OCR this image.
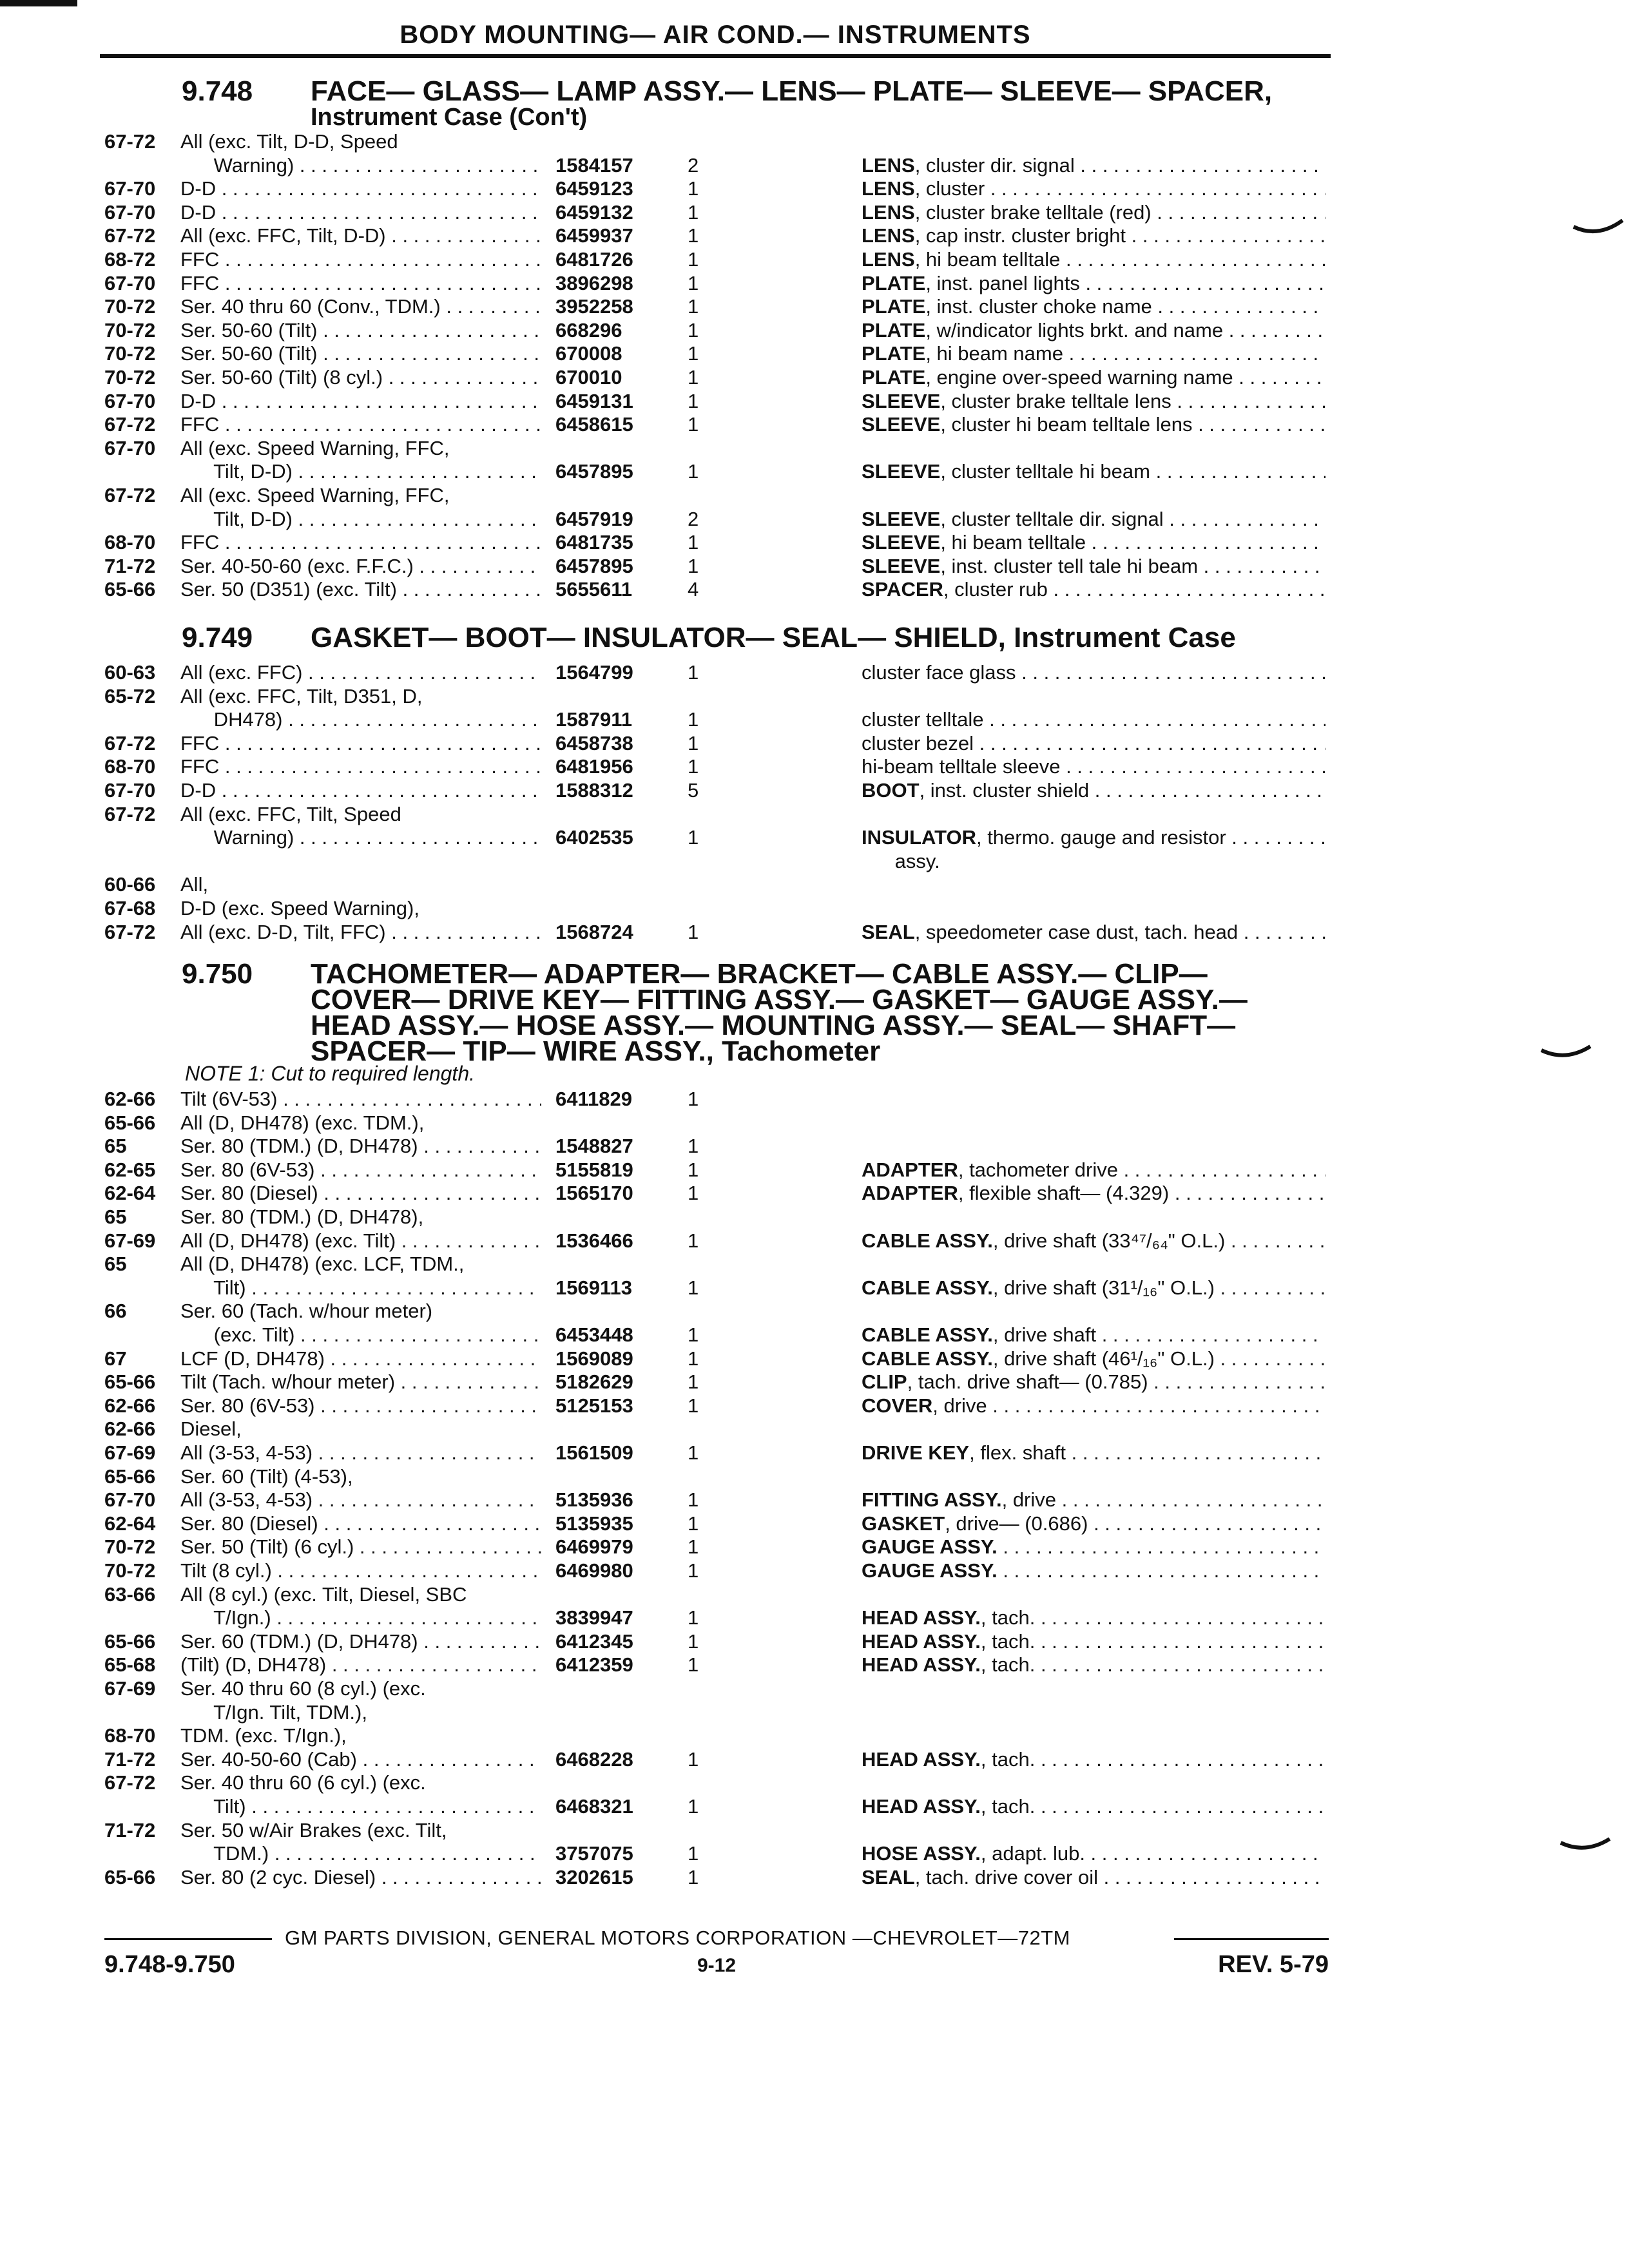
BODY MOUNTING— AIR COND.— INSTRUMENTS
9.748 FACE— GLASS— LAMP ASSY.— LENS— PLATE— SLEEVE— SPACER,
Instrument Case (Con't)
67-72	All (exc. Tilt, D-D, Speed
Warning) . . .	1584157	2	LENS, cluster dir. signal . . .
67-70	D-D . . .	6459123	1	LENS, cluster . . .
67-70	D-D . . .	6459132	1	LENS, cluster brake telltale (red) . . .
67-72	All (exc. FFC, Tilt, D-D) . . .	6459937	1	LENS, cap instr. cluster bright . . .
68-72	FFC . . .	6481726	1	LENS, hi beam telltale . . .
67-70	FFC . . .	3896298	1	PLATE, inst. panel lights . . .
70-72	Ser. 40 thru 60 (Conv., TDM.) . . .	3952258	1	PLATE, inst. cluster choke name . . .
70-72	Ser. 50-60 (Tilt) . . .	668296	1	PLATE, w/indicator lights brkt. and name . . .
70-72	Ser. 50-60 (Tilt) . . .	670008	1	PLATE, hi beam name . . .
70-72	Ser. 50-60 (Tilt) (8 cyl.) . . .	670010	1	PLATE, engine over-speed warning name . . .
67-70	D-D . . .	6459131	1	SLEEVE, cluster brake telltale lens . . .
67-72	FFC . . .	6458615	1	SLEEVE, cluster hi beam telltale lens . . .
67-70	All (exc. Speed Warning, FFC,
Tilt, D-D) . . .	6457895	1	SLEEVE, cluster telltale hi beam . . .
67-72	All (exc. Speed Warning, FFC,
Tilt, D-D) . . .	6457919	2	SLEEVE, cluster telltale dir. signal . . .
68-70	FFC . . .	6481735	1	SLEEVE, hi beam telltale . . .
71-72	Ser. 40-50-60 (exc. F.F.C.) . . .	6457895	1	SLEEVE, inst. cluster tell tale hi beam . . .
65-66	Ser. 50 (D351) (exc. Tilt) . . .	5655611	4	SPACER, cluster rub . . .
9.749 GASKET— BOOT— INSULATOR— SEAL— SHIELD, Instrument Case
60-63	All (exc. FFC) . . .	1564799	1	cluster face glass . . .
65-72	All (exc. FFC, Tilt, D351, D,
DH478) . . .	1587911	1	cluster telltale . . .
67-72	FFC . . .	6458738	1	cluster bezel . . .
68-70	FFC . . .	6481956	1	hi-beam telltale sleeve . . .
67-70	D-D . . .	1588312	5	BOOT, inst. cluster shield . . .
67-72	All (exc. FFC, Tilt, Speed
Warning) . . .	6402535	1	INSULATOR, thermo. gauge and resistor . . .
assy.
60-66	All,
67-68	D-D (exc. Speed Warning),
67-72	All (exc. D-D, Tilt, FFC) . . .	1568724	1	SEAL, speedometer case dust, tach. head . . .
9.750 TACHOMETER— ADAPTER— BRACKET— CABLE ASSY.— CLIP—
COVER— DRIVE KEY— FITTING ASSY.— GASKET— GAUGE ASSY.—
HEAD ASSY.— HOSE ASSY.— MOUNTING ASSY.— SEAL— SHAFT—
SPACER— TIP— WIRE ASSY., Tachometer
NOTE 1: Cut to required length.
62-66	Tilt (6V-53) . . .	6411829	1
65-66	All (D, DH478) (exc. TDM.),
65	Ser. 80 (TDM.) (D, DH478) . . .	1548827	1
62-65	Ser. 80 (6V-53) . . .	5155819	1	ADAPTER, tachometer drive . . .
62-64	Ser. 80 (Diesel) . . .	1565170	1	ADAPTER, flexible shaft— (4.329) . . .
65	Ser. 80 (TDM.) (D, DH478),
67-69	All (D, DH478) (exc. Tilt) . . .	1536466	1	CABLE ASSY., drive shaft (33⁴⁷/₆₄" O.L.) . . .
65	All (D, DH478) (exc. LCF, TDM.,
Tilt) . . .	1569113	1	CABLE ASSY., drive shaft (31¹/₁₆" O.L.) . . .
66	Ser. 60 (Tach. w/hour meter)
(exc. Tilt) . . .	6453448	1	CABLE ASSY., drive shaft . . .
67	LCF (D, DH478) . . .	1569089	1	CABLE ASSY., drive shaft (46¹/₁₆" O.L.) . . .
65-66	Tilt (Tach. w/hour meter) . . .	5182629	1	CLIP, tach. drive shaft— (0.785) . . .
62-66	Ser. 80 (6V-53) . . .	5125153	1	COVER, drive . . .
62-66	Diesel,
67-69	All (3-53, 4-53) . . .	1561509	1	DRIVE KEY, flex. shaft . . .
65-66	Ser. 60 (Tilt) (4-53),
67-70	All (3-53, 4-53) . . .	5135936	1	FITTING ASSY., drive . . .
62-64	Ser. 80 (Diesel) . . .	5135935	1	GASKET, drive— (0.686) . . .
70-72	Ser. 50 (Tilt) (6 cyl.) . . .	6469979	1	GAUGE ASSY. . . .
70-72	Tilt (8 cyl.) . . .	6469980	1	GAUGE ASSY. . . .
63-66	All (8 cyl.) (exc. Tilt, Diesel, SBC
T/Ign.) . . .	3839947	1	HEAD ASSY., tach. . . .
65-66	Ser. 60 (TDM.) (D, DH478) . . .	6412345	1	HEAD ASSY., tach. . . .
65-68	(Tilt) (D, DH478) . . .	6412359	1	HEAD ASSY., tach. . . .
67-69	Ser. 40 thru 60 (8 cyl.) (exc.
T/Ign. Tilt, TDM.),
68-70	TDM. (exc. T/Ign.),
71-72	Ser. 40-50-60 (Cab) . . .	6468228	1	HEAD ASSY., tach. . . .
67-72	Ser. 40 thru 60 (6 cyl.) (exc.
Tilt) . . .	6468321	1	HEAD ASSY., tach. . . .
71-72	Ser. 50 w/Air Brakes (exc. Tilt,
TDM.) . . .	3757075	1	HOSE ASSY., adapt. lub. . . .
65-66	Ser. 80 (2 cyc. Diesel) . . .	3202615	1	SEAL, tach. drive cover oil . . .
GM PARTS DIVISION, GENERAL MOTORS CORPORATION —CHEVROLET—72TM
9.748-9.750	9-12	REV. 5-79
